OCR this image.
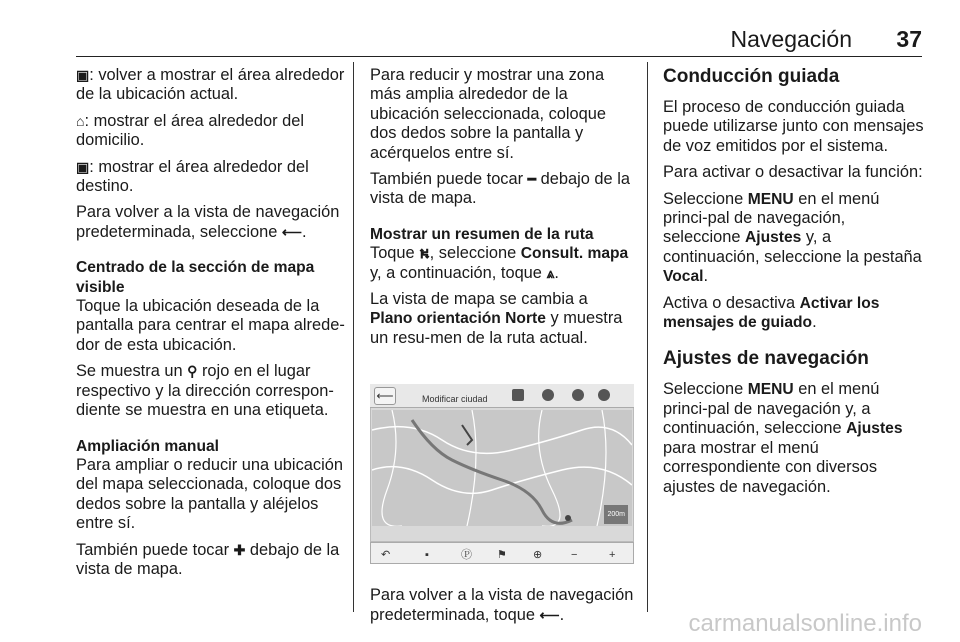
Navegación 37

▣: volver a mostrar el área alrededor de la ubicación actual.

⌂: mostrar el área alrededor del domicilio.

▣: mostrar el área alrededor del destino.

Para volver a la vista de navegación predeterminada, seleccione ⟵.

Centrado de la sección de mapa visible

Toque la ubicación deseada de la pantalla para centrar el mapa alrede-dor de esta ubicación.

Se muestra un ⚲ rojo en el lugar respectivo y la dirección correspon-diente se muestra en una etiqueta.

Ampliación manual

Para ampliar o reducir una ubicación del mapa seleccionada, coloque dos dedos sobre la pantalla y aléjelos entre sí.

También puede tocar ✚ debajo de la vista de mapa.

Para reducir y mostrar una zona más amplia alrededor de la ubicación seleccionada, coloque dos dedos sobre la pantalla y acérquelos entre sí.

También puede tocar ━ debajo de la vista de mapa.

Mostrar un resumen de la ruta

Toque ⛕, seleccione Consult. mapa y, a continuación, toque ⩓.

La vista de mapa se cambia a Plano orientación Norte y muestra un resu-men de la ruta actual.

⟵	Modificar ciudad
200m
↶	▪	Ⓟ ⚑ ⊕	−	+

Para volver a la vista de navegación predeterminada, toque ⟵.

Conducción guiada

El proceso de conducción guiada puede utilizarse junto con mensajes de voz emitidos por el sistema.

Para activar o desactivar la función:

Seleccione MENU en el menú princi-pal de navegación, seleccione Ajustes y, a continuación, seleccione la pestaña Vocal.

Activa o desactiva Activar los mensajes de guiado.

Ajustes de navegación

Seleccione MENU en el menú princi-pal de navegación y, a continuación, seleccione Ajustes para mostrar el menú correspondiente con diversos ajustes de navegación.

carmanualsonline.info
